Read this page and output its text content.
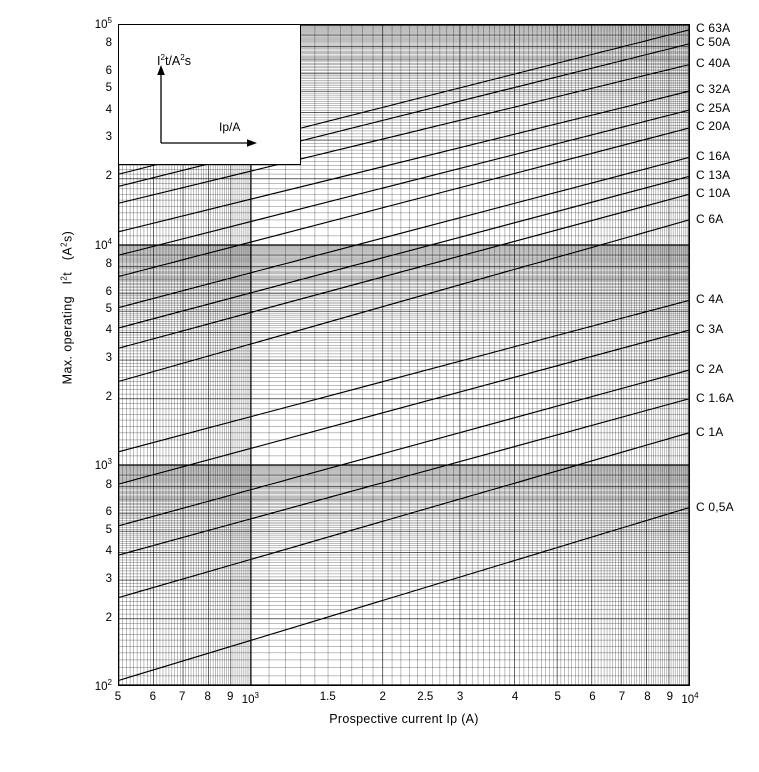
$I^2t/A^2s$
Ip/A
$10^2$
$10^3$
$10^4$
$10^5$
2
3
4
5
6
8
2
3
4
5
6
8
2
3
4
5
6
8
5	6	7	8	9	1.5	2	2.5	3	4	5	6	7	8	9
$10^3$	$10^4$
Max. operating   $I^2t$   $(A^2s)$
Prospective current Ip (A)
C 63A
C 50A
C 40A
C 32A
C 25A
C 20A
C 16A
C 13A
C 10A
C 6A
C 4A
C 3A
C 2A
C 1.6A
C 1A
C 0,5A
